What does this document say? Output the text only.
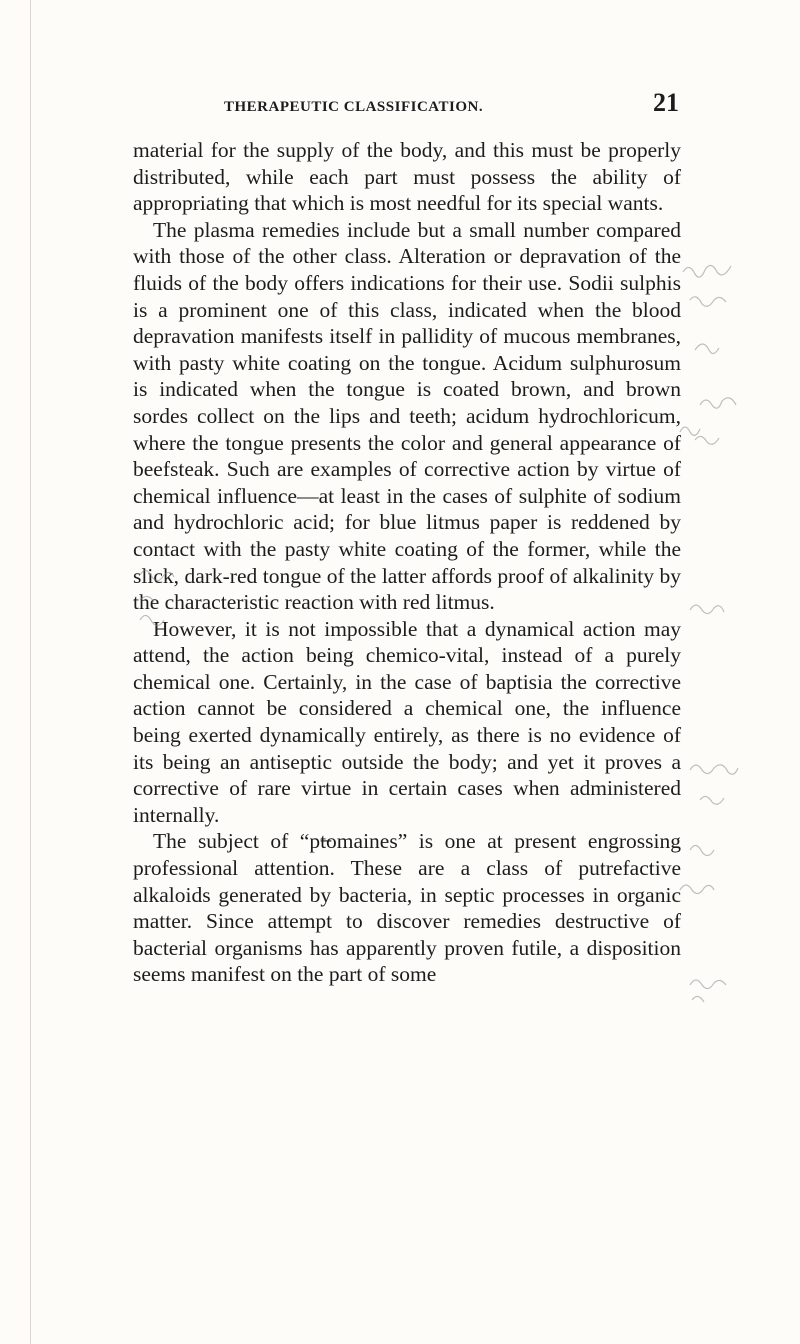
THERAPEUTIC CLASSIFICATION.	21

material for the supply of the body, and this must be properly distributed, while each part must possess the ability of appropriating that which is most needful for its special wants.

The plasma remedies include but a small number compared with those of the other class. Alteration or depravation of the fluids of the body offers indications for their use. Sodii sulphis is a prominent one of this class, indicated when the blood depravation manifests itself in pallidity of mucous membranes, with pasty white coating on the tongue. Acidum sulphurosum is indicated when the tongue is coated brown, and brown sordes collect on the lips and teeth; acidum hydrochloricum, where the tongue presents the color and general appearance of beefsteak. Such are examples of corrective action by virtue of chemical influence—at least in the cases of sulphite of sodium and hydrochloric acid; for blue litmus paper is reddened by contact with the pasty white coating of the former, while the slick, dark-red tongue of the latter affords proof of alkalinity by the characteristic reaction with red litmus.

However, it is not impossible that a dynamical action may attend, the action being chemico-vital, instead of a purely chemical one. Certainly, in the case of baptisia the corrective action cannot be considered a chemical one, the influence being exerted dynamically entirely, as there is no evidence of its being an antiseptic outside the body; and yet it proves a corrective of rare virtue in certain cases when administered internally.

The subject of “pt̶omaines” is one at present engrossing professional attention. These are a class of putrefactive alkaloids generated by bacteria, in septic processes in organic matter. Since attempt to discover remedies destructive of bacterial organisms has apparently proven futile, a disposition seems manifest on the part of some
